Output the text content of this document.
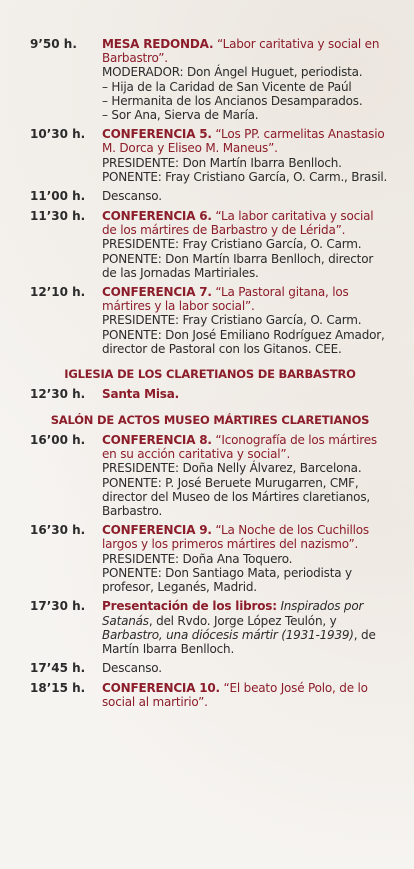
9’50 h.	MESA REDONDA. “Labor caritativa y social en Barbastro”.
MODERADOR: Don Ángel Huguet, periodista.
– Hija de la Caridad de San Vicente de Paúl
– Hermanita de los Ancianos Desamparados.
– Sor Ana, Sierva de María.
10’30 h.	CONFERENCIA 5. “Los PP. carmelitas Anastasio M. Dorca y Eliseo M. Maneus”.
PRESIDENTE: Don Martín Ibarra Benlloch.
PONENTE: Fray Cristiano García, O. Carm., Brasil.
11’00 h.	Descanso.
11’30 h.	CONFERENCIA 6. “La labor caritativa y social de los mártires de Barbastro y de Lérida”.
PRESIDENTE: Fray Cristiano García, O. Carm.
PONENTE: Don Martín Ibarra Benlloch, director de las Jornadas Martiriales.
12’10 h.	CONFERENCIA 7. “La Pastoral gitana, los mártires y la labor social”.
PRESIDENTE: Fray Cristiano García, O. Carm.
PONENTE: Don José Emiliano Rodríguez Amador, director de Pastoral con los Gitanos. CEE.
IGLESIA DE LOS CLARETIANOS DE BARBASTRO
12’30 h.	Santa Misa.
SALÓN DE ACTOS MUSEO MÁRTIRES CLARETIANOS
16’00 h.	CONFERENCIA 8. “Iconografía de los mártires en su acción caritativa y social”.
PRESIDENTE: Doña Nelly Álvarez, Barcelona.
PONENTE: P. José Beruete Murugarren, CMF, director del Museo de los Mártires claretianos, Barbastro.
16’30 h.	CONFERENCIA 9. “La Noche de los Cuchillos largos y los primeros mártires del nazismo”.
PRESIDENTE: Doña Ana Toquero.
PONENTE: Don Santiago Mata, periodista y profesor, Leganés, Madrid.
17’30 h.	Presentación de los libros: Inspirados por Satanás, del Rvdo. Jorge López Teulón, y Barbastro, una diócesis mártir (1931-1939), de Martín Ibarra Benlloch.
17’45 h.	Descanso.
18’15 h.	CONFERENCIA 10. “El beato José Polo, de lo social al martirio”.
